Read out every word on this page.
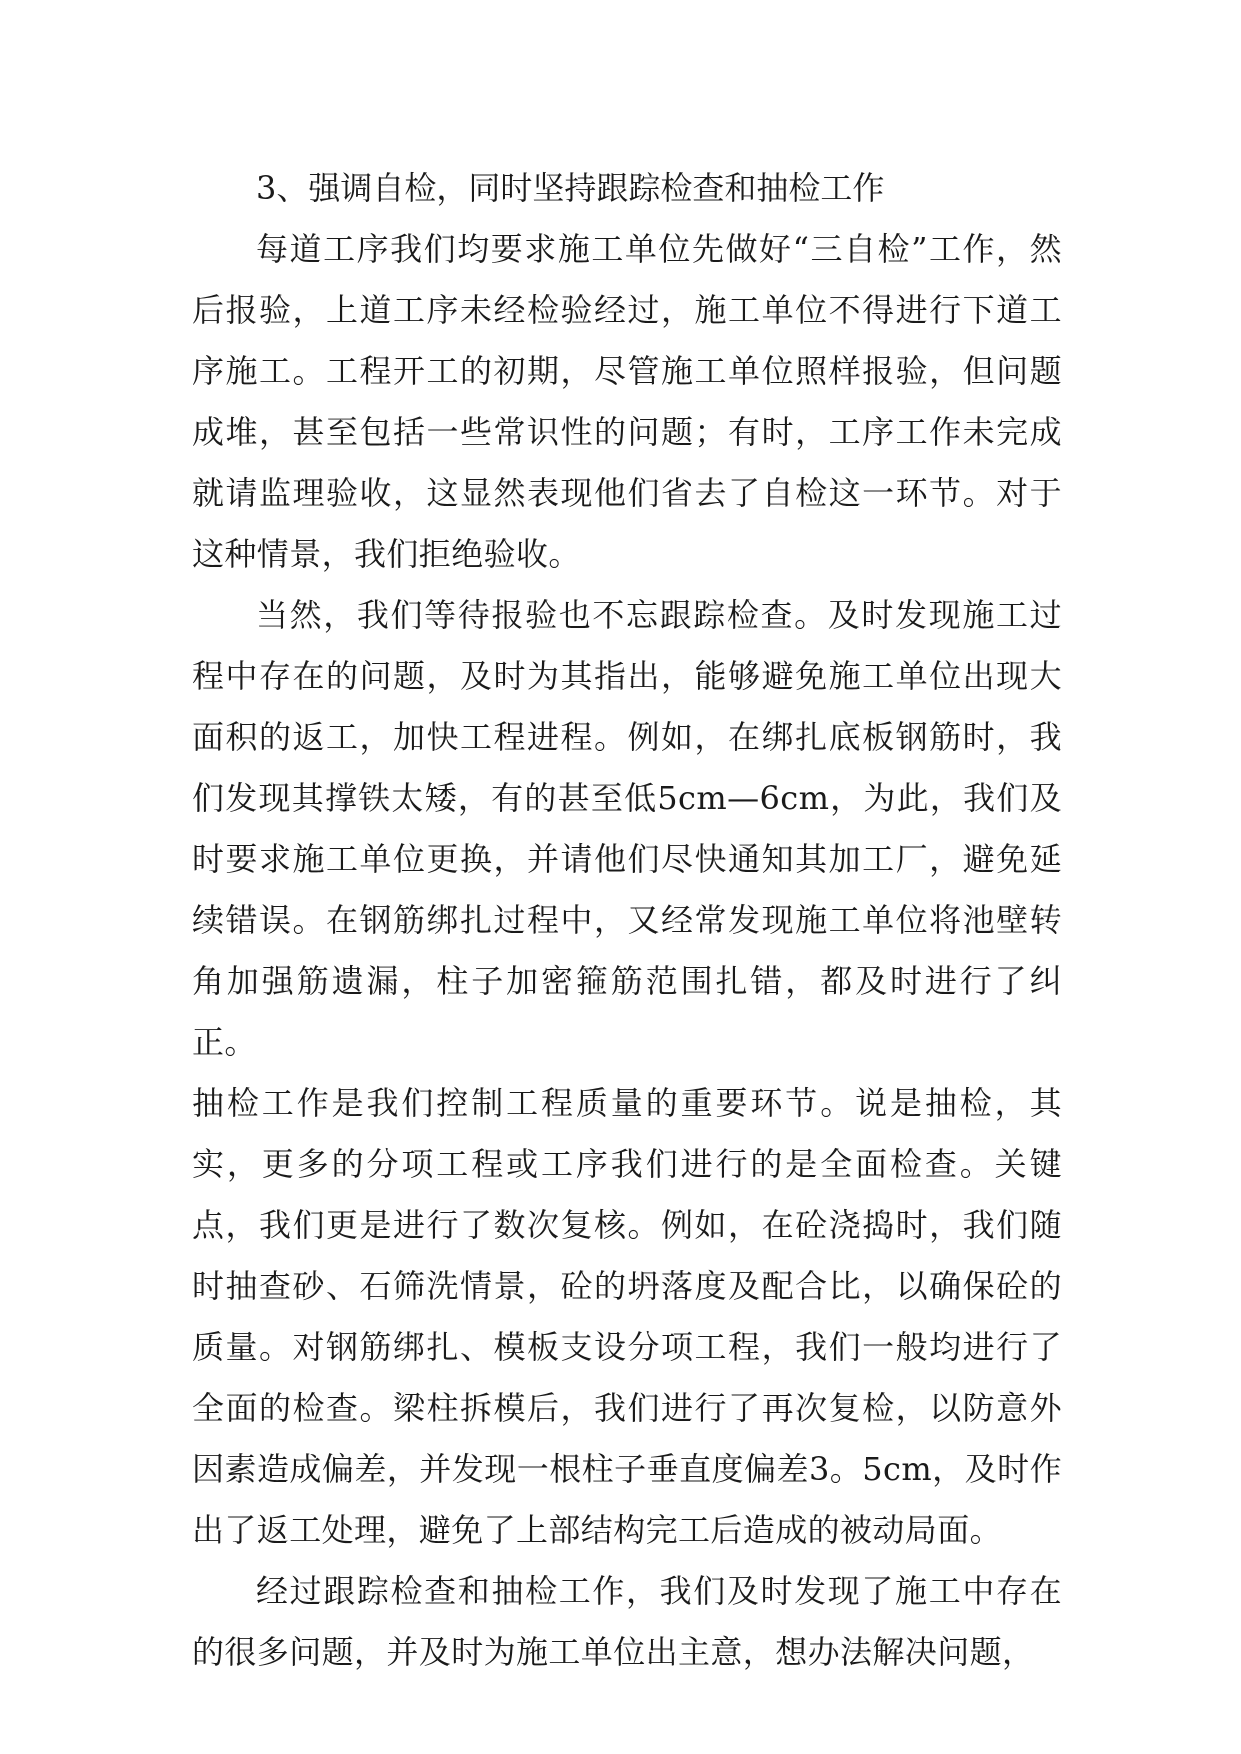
3、强调自检，同时坚持跟踪检查和抽检工作

每道工序我们均要求施工单位先做好“三自检”工作，然后报验，上道工序未经检验经过，施工单位不得进行下道工序施工。工程开工的初期，尽管施工单位照样报验，但问题成堆，甚至包括一些常识性的问题；有时，工序工作未完成就请监理验收，这显然表现他们省去了自检这一环节。对于这种情景，我们拒绝验收。

当然，我们等待报验也不忘跟踪检查。及时发现施工过程中存在的问题，及时为其指出，能够避免施工单位出现大面积的返工，加快工程进程。例如，在绑扎底板钢筋时，我们发现其撑铁太矮，有的甚至低5cm—6cm，为此，我们及时要求施工单位更换，并请他们尽快通知其加工厂，避免延续错误。在钢筋绑扎过程中，又经常发现施工单位将池壁转角加强筋遗漏，柱子加密箍筋范围扎错，都及时进行了纠正。

抽检工作是我们控制工程质量的重要环节。说是抽检，其实，更多的分项工程或工序我们进行的是全面检查。关键点，我们更是进行了数次复核。例如，在砼浇捣时，我们随时抽查砂、石筛洗情景，砼的坍落度及配合比，以确保砼的质量。对钢筋绑扎、模板支设分项工程，我们一般均进行了全面的检查。梁柱拆模后，我们进行了再次复检，以防意外因素造成偏差，并发现一根柱子垂直度偏差3。5cm，及时作出了返工处理，避免了上部结构完工后造成的被动局面。

经过跟踪检查和抽检工作，我们及时发现了施工中存在的很多问题，并及时为施工单位出主意，想办法解决问题，
